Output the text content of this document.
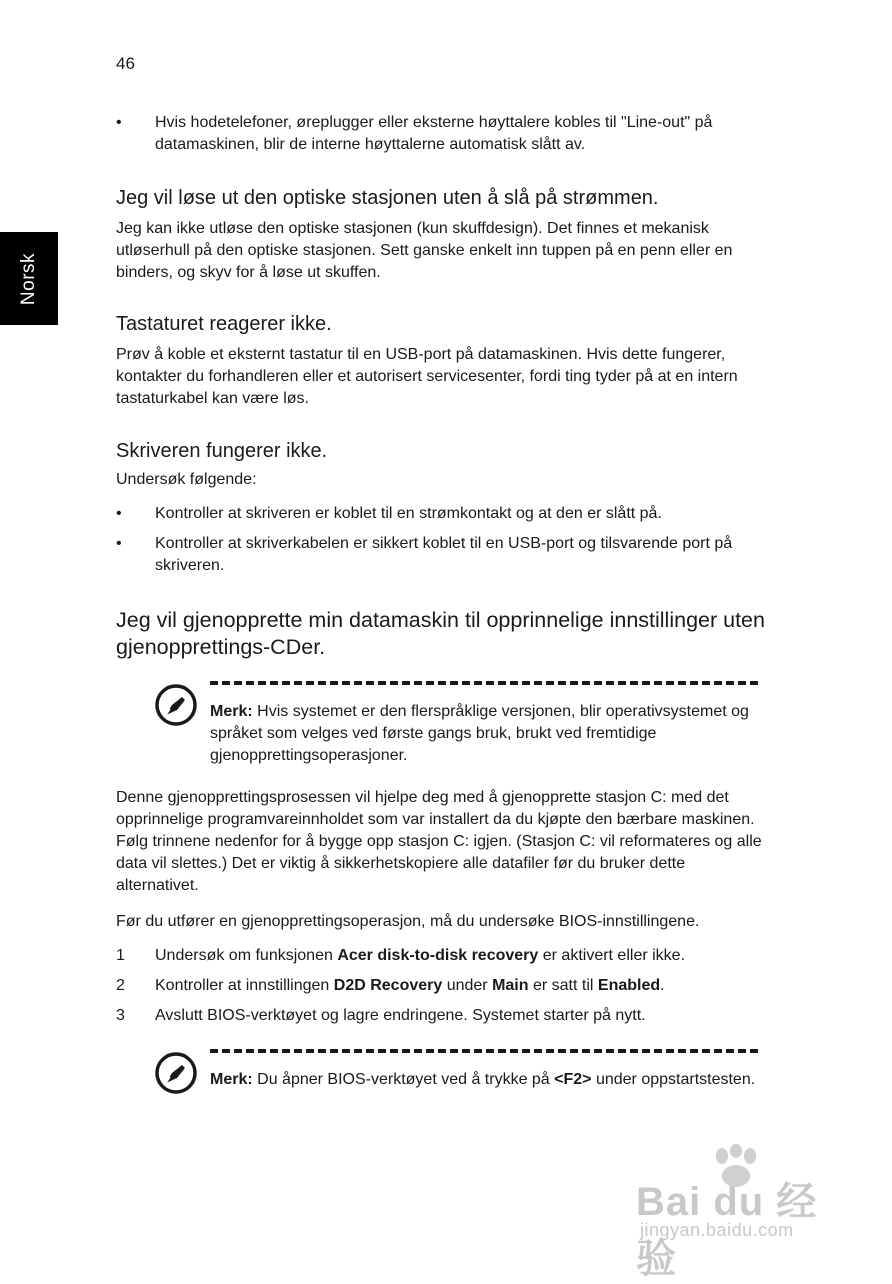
46
Norsk
• Hvis hodetelefoner, øreplugger eller eksterne høyttalere kobles til "Line-out" på datamaskinen, blir de interne høyttalerne automatisk slått av.
Jeg vil løse ut den optiske stasjonen uten å slå på strømmen.

Jeg kan ikke utløse den optiske stasjonen (kun skuffdesign). Det finnes et mekanisk utløserhull på den optiske stasjonen. Sett ganske enkelt inn tuppen på en penn eller en binders, og skyv for å løse ut skuffen.

Tastaturet reagerer ikke.

Prøv å koble et eksternt tastatur til en USB-port på datamaskinen. Hvis dette fungerer, kontakter du forhandleren eller et autorisert servicesenter, fordi ting tyder på at en intern tastaturkabel kan være løs.

Skriveren fungerer ikke.

Undersøk følgende:

• Kontroller at skriveren er koblet til en strømkontakt og at den er slått på.
• Kontroller at skriverkabelen er sikkert koblet til en USB-port og tilsvarende port på skriveren.
Jeg vil gjenopprette min datamaskin til opprinnelige innstillinger uten gjenopprettings-CDer.

Merk: Hvis systemet er den flerspråklige versjonen, blir operativsystemet og språket som velges ved første gangs bruk, brukt ved fremtidige gjenopprettingsoperasjoner.

Denne gjenopprettingsprosessen vil hjelpe deg med å gjenopprette stasjon C: med det opprinnelige programvareinnholdet som var installert da du kjøpte den bærbare maskinen. Følg trinnene nedenfor for å bygge opp stasjon C: igjen. (Stasjon C: vil reformateres og alle data vil slettes.) Det er viktig å sikkerhetskopiere alle datafiler før du bruker dette alternativet.

Før du utfører en gjenopprettingsoperasjon, må du undersøke BIOS-innstillingene.

1 Undersøk om funksjonen Acer disk-to-disk recovery er aktivert eller ikke.
2 Kontroller at innstillingen D2D Recovery under Main er satt til Enabled.
3 Avslutt BIOS-verktøyet og lagre endringene. Systemet starter på nytt.

Merk: Du åpner BIOS-verktøyet ved å trykke på <F2> under oppstartstesten.

Bai du 经验
jingyan.baidu.com
